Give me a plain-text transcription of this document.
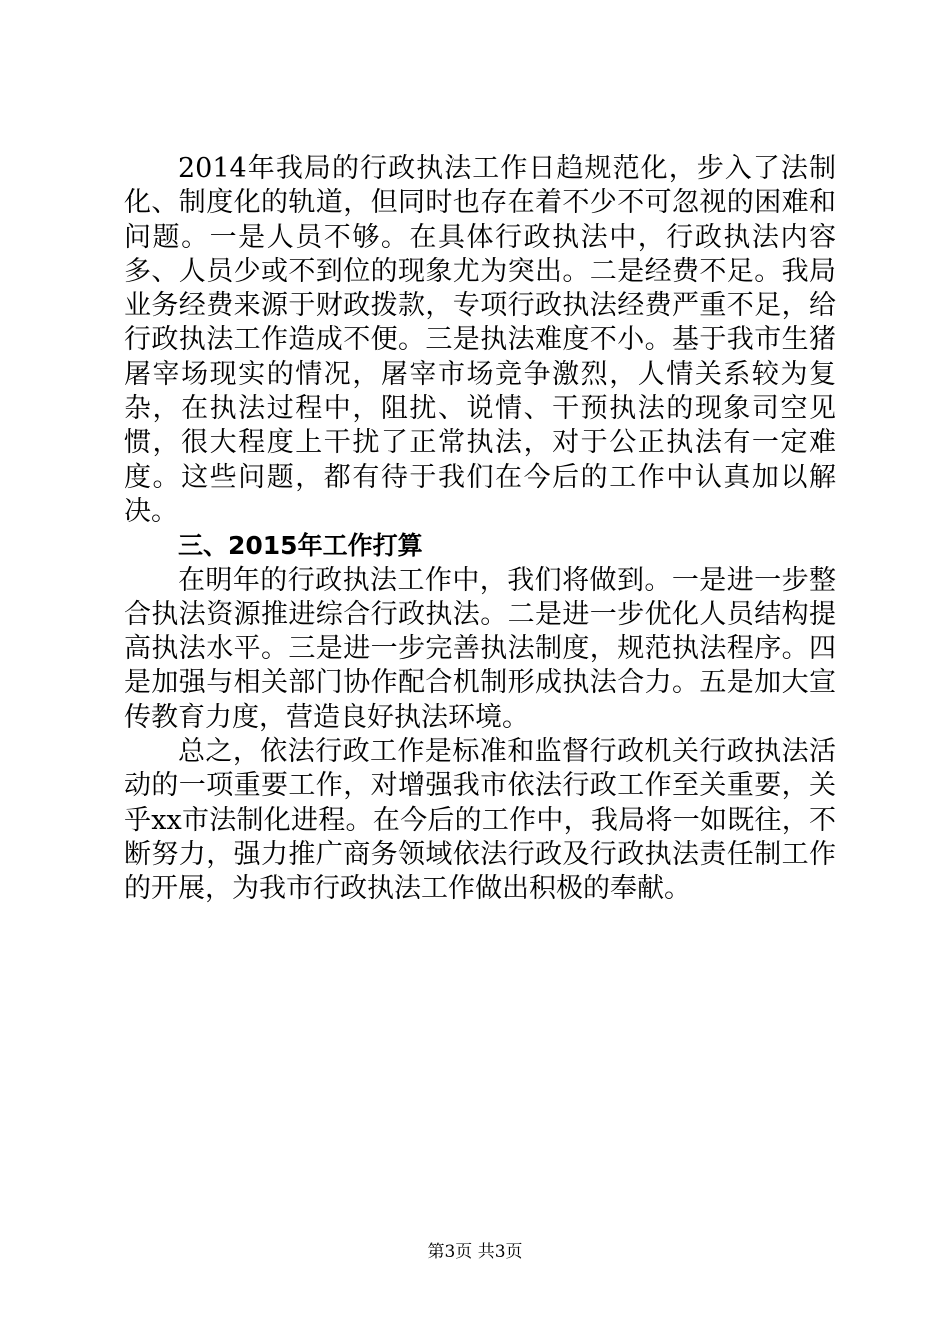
2014年我局的行政执法工作日趋规范化，步入了法制化、制度化的轨道，但同时也存在着不少不可忽视的困难和问题。一是人员不够。在具体行政执法中，行政执法内容多、人员少或不到位的现象尤为突出。二是经费不足。我局业务经费来源于财政拨款，专项行政执法经费严重不足，给行政执法工作造成不便。三是执法难度不小。基于我市生猪屠宰场现实的情况，屠宰市场竞争激烈，人情关系较为复杂，在执法过程中，阻扰、说情、干预执法的现象司空见惯，很大程度上干扰了正常执法，对于公正执法有一定难度。这些问题，都有待于我们在今后的工作中认真加以解决。

三、2015年工作打算

在明年的行政执法工作中，我们将做到。一是进一步整合执法资源推进综合行政执法。二是进一步优化人员结构提高执法水平。三是进一步完善执法制度，规范执法程序。四是加强与相关部门协作配合机制形成执法合力。五是加大宣传教育力度，营造良好执法环境。

总之，依法行政工作是标准和监督行政机关行政执法活动的一项重要工作，对增强我市依法行政工作至关重要，关乎xx市法制化进程。在今后的工作中，我局将一如既往，不断努力，强力推广商务领域依法行政及行政执法责任制工作的开展，为我市行政执法工作做出积极的奉献。

第3页 共3页
